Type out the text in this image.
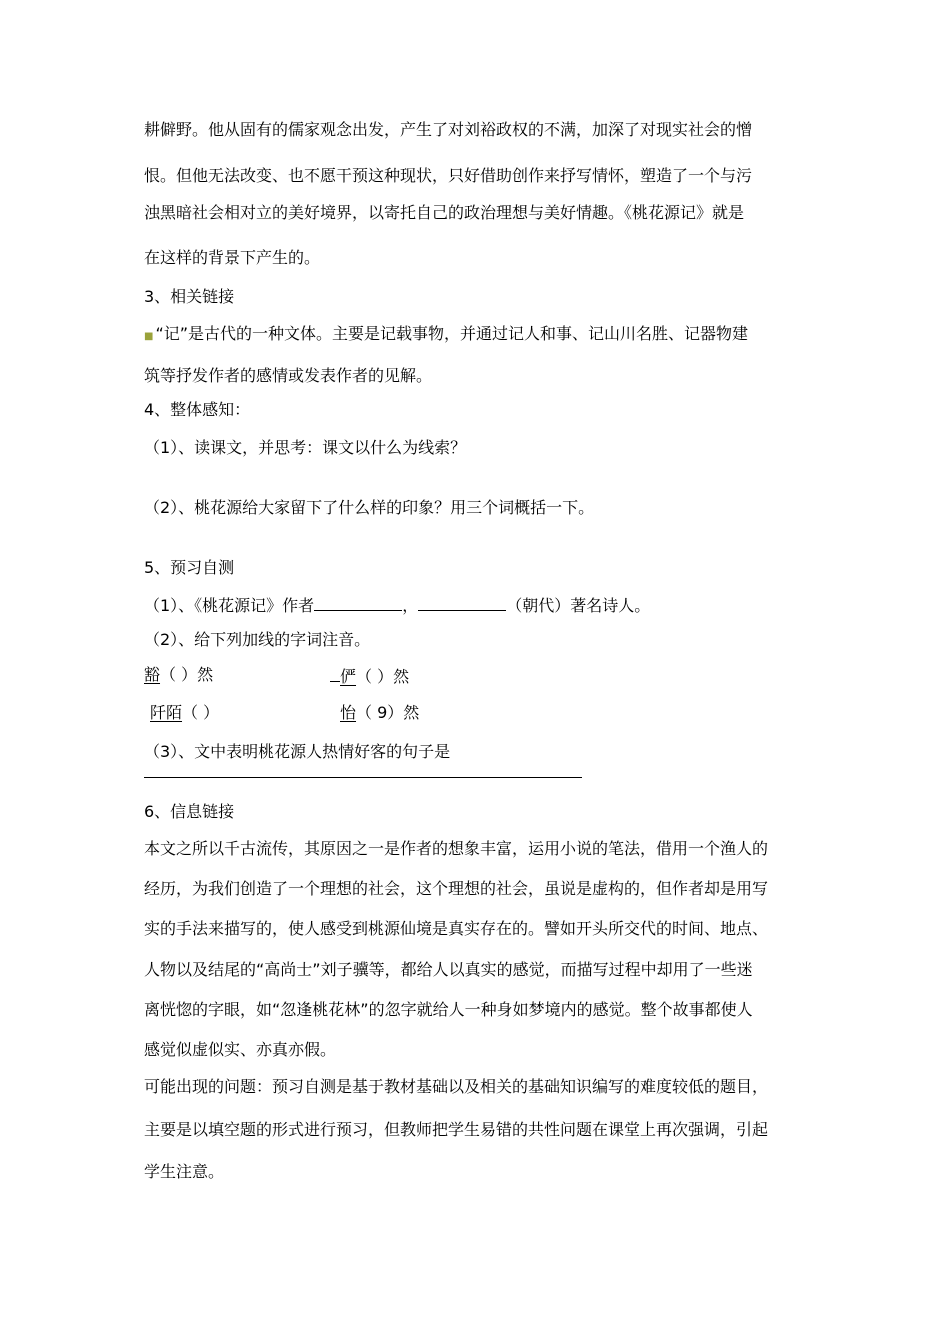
耕僻野。他从固有的儒家观念出发，产生了对刘裕政权的不满，加深了对现实社会的憎
恨。但他无法改变、也不愿干预这种现状，只好借助创作来抒写情怀，塑造了一个与污
浊黑暗社会相对立的美好境界，以寄托自己的政治理想与美好情趣。《桃花源记》就是
在这样的背景下产生的。
3、相关链接
■ “记”是古代的一种文体。主要是记载事物，并通过记人和事、记山川名胜、记器物建
筑等抒发作者的感情或发表作者的见解。
4、整体感知：
（1）、读课文，并思考：课文以什么为线索？
（2）、桃花源给大家留下了什么样的印象？用三个词概括一下。
5、预习自测
（1）、《桃花源记》作者	，	（朝代）著名诗人。
（2）、给下列加线的字词注音。
豁（ ）然	俨（ ）然
阡陌（ ）	怡（ 9）然
（3）、文中表明桃花源人热情好客的句子是
6、信息链接
本文之所以千古流传，其原因之一是作者的想象丰富，运用小说的笔法，借用一个渔人的
经历，为我们创造了一个理想的社会，这个理想的社会，虽说是虚构的，但作者却是用写
实的手法来描写的，使人感受到桃源仙境是真实存在的。譬如开头所交代的时间、地点、
人物以及结尾的“高尚士”刘子骥等，都给人以真实的感觉，而描写过程中却用了一些迷
离恍惚的字眼，如“忽逢桃花林”的忽字就给人一种身如梦境内的感觉。整个故事都使人
感觉似虚似实、亦真亦假。
可能出现的问题：预习自测是基于教材基础以及相关的基础知识编写的难度较低的题目，
主要是以填空题的形式进行预习，但教师把学生易错的共性问题在课堂上再次强调，引起
学生注意。
